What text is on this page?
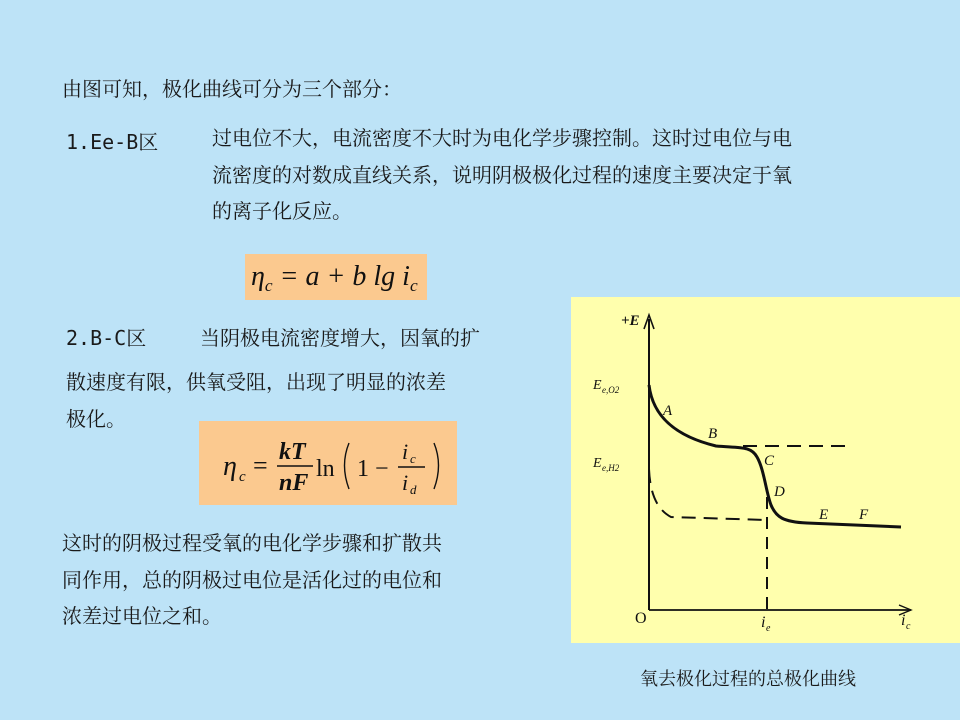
由图可知，极化曲线可分为三个部分：
1.Ee-B区	过电位不大，电流密度不大时为电化学步骤控制。这时过电位与电
流密度的对数成直线关系，说明阴极极化过程的速度主要决定于氧
的离子化反应。
$\eta_c = a + b$ $\lg i_c$
2.B-C区	当阴极电流密度增大，因氧的扩
散速度有限，供氧受阻，出现了明显的浓差
极化。
η c = kT
nF
ln 1 −
i c
i d
这时的阴极过程受氧的电化学步骤和扩散共
同作用，总的阴极过电位是活化过的电位和
浓差过电位之和。
+E
i c
O	i e
E e,O2
E e,H2
A
B
C
D
E F
氧去极化过程的总极化曲线
